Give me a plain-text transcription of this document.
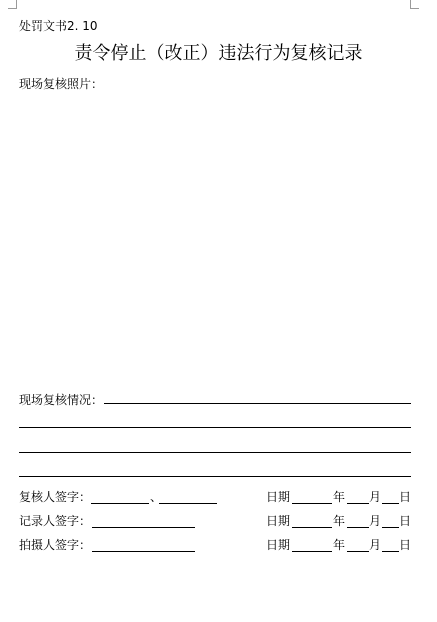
处罚文书2. 10
责令停止（改正）违法行为复核记录
现场复核照片：
现场复核情况：
复核人签字：	、	日期	年 月 日
记录人签字：	日期	年 月 日
拍摄人签字：	日期	年 月 日
